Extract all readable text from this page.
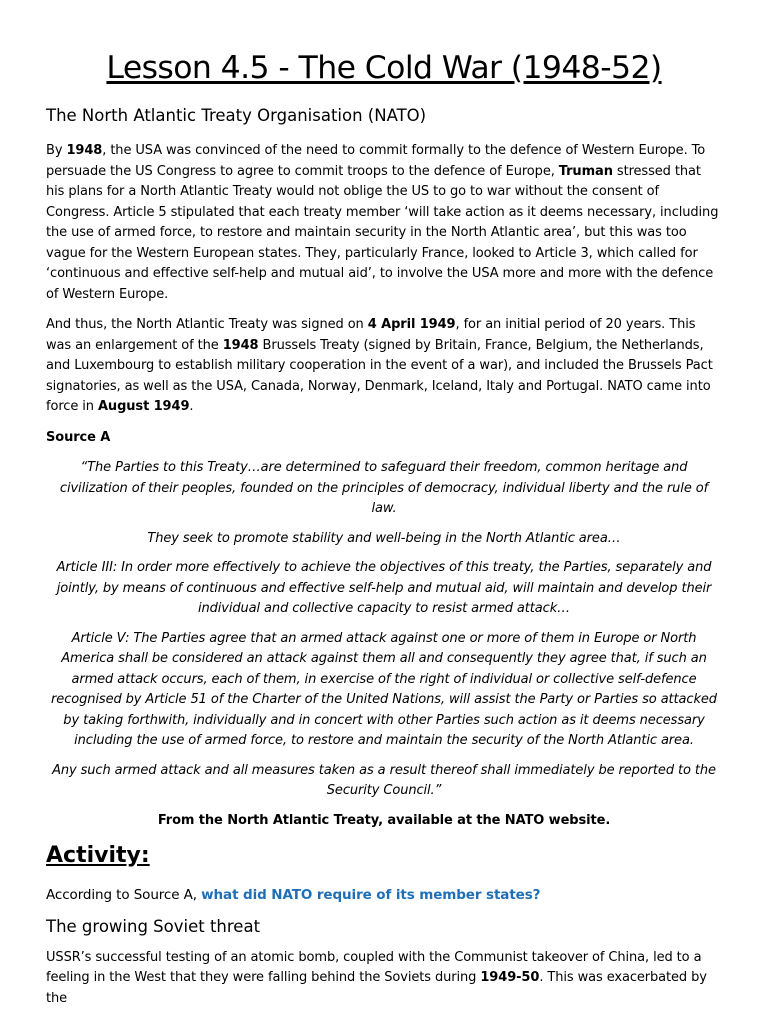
Lesson 4.5 - The Cold War (1948-52)
The North Atlantic Treaty Organisation (NATO)

By 1948, the USA was convinced of the need to commit formally to the defence of Western Europe. To persuade the US Congress to agree to commit troops to the defence of Europe, Truman stressed that his plans for a North Atlantic Treaty would not oblige the US to go to war without the consent of Congress. Article 5 stipulated that each treaty member ‘will take action as it deems necessary, including the use of armed force, to restore and maintain security in the North Atlantic area’, but this was too vague for the Western European states. They, particularly France, looked to Article 3, which called for ‘continuous and effective self-help and mutual aid’, to involve the USA more and more with the defence of Western Europe.

And thus, the North Atlantic Treaty was signed on 4 April 1949, for an initial period of 20 years. This was an enlargement of the 1948 Brussels Treaty (signed by Britain, France, Belgium, the Netherlands, and Luxembourg to establish military cooperation in the event of a war), and included the Brussels Pact signatories, as well as the USA, Canada, Norway, Denmark, Iceland, Italy and Portugal. NATO came into force in August 1949.

Source A

“The Parties to this Treaty…are determined to safeguard their freedom, common heritage and civilization of their peoples, founded on the principles of democracy, individual liberty and the rule of law.

They seek to promote stability and well-being in the North Atlantic area…

Article III: In order more effectively to achieve the objectives of this treaty, the Parties, separately and jointly, by means of continuous and effective self-help and mutual aid, will maintain and develop their individual and collective capacity to resist armed attack…

Article V: The Parties agree that an armed attack against one or more of them in Europe or North America shall be considered an attack against them all and consequently they agree that, if such an armed attack occurs, each of them, in exercise of the right of individual or collective self-defence recognised by Article 51 of the Charter of the United Nations, will assist the Party or Parties so attacked by taking forthwith, individually and in concert with other Parties such action as it deems necessary including the use of armed force, to restore and maintain the security of the North Atlantic area.

Any such armed attack and all measures taken as a result thereof shall immediately be reported to the Security Council.”

From the North Atlantic Treaty, available at the NATO website.

Activity:

According to Source A, what did NATO require of its member states?

The growing Soviet threat

USSR’s successful testing of an atomic bomb, coupled with the Communist takeover of China, led to a feeling in the West that they were falling behind the Soviets during 1949-50. This was exacerbated by the
